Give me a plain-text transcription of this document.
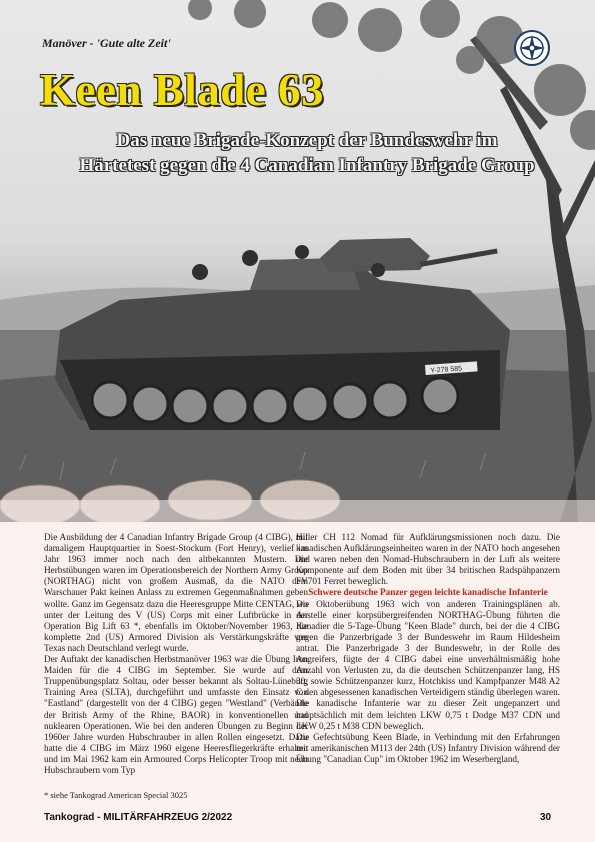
Y-278 585
Manöver - 'Gute alte Zeit'
Keen Blade 63
Das neue Brigade-Konzept der Bundeswehr im
Härtetest gegen die 4 Canadian Infantry Brigade Group

Die Ausbildung der 4 Canadian Infantry Brigade Group (4 CIBG), mit damaligem Hauptquartier in Soest-Stockum (Fort Henry), verlief im Jahr 1963 immer noch nach den altbekannten Mustern. Die Herbstübungen waren im Operationsbereich der Northern Army Group (NORTHAG) nicht von großem Ausmaß, da die NATO dem Warschauer Pakt keinen Anlass zu extremen Gegenmaßnahmen geben wollte. Ganz im Gegensatz dazu die Heeresgruppe Mitte CENTAG, wo unter der Leitung des V (US) Corps mit einer Luftbrücke in der Operation Big Lift 63 *, ebenfalls im Oktober/November 1963, die komplette 2nd (US) Armored Division als Verstärkungskräfte von Texas nach Deutschland verlegt wurde.

Der Auftakt der kanadischen Herbstmanöver 1963 war die Übung Iron Maiden für die 4 CIBG im September. Sie wurde auf dem Truppenübungsplatz Soltau, oder besser bekannt als Soltau-Lüneburg Training Area (SLTA), durchgeführt und umfasste den Einsatz von "Eastland" (dargestellt von der 4 CIBG) gegen "Westland" (Verbände der British Army of the Rhine, BAOR) in konventionellen und nuklearen Operationen. Wie bei den anderen Übungen zu Beginn der 1960er Jahre wurden Hubschrauber in allen Rollen eingesetzt. Dazu hatte die 4 CIBG im März 1960 eigene Heeresfliegerkräfte erhalten und im Mai 1962 kam ein Armoured Corps Helicopter Troop mit neun Hubschraubern vom Typ

Hiller CH 112 Nomad für Aufklärungsmissionen noch dazu. Die kanadischen Aufklärungseinheiten waren in der NATO hoch angesehen und waren neben den Nomad-Hubschraubern in der Luft als weitere Komponente auf dem Boden mit über 34 britischen Radspähpanzern FV701 Ferret beweglich.

Schwere deutsche Panzer gegen leichte kanadische Infanterie

Die Oktoberübung 1963 wich von anderen Trainingsplänen ab. Anstelle einer korpsübergreifenden NORTHAG-Übung führten die Kanadier die 5-Tage-Übung "Keen Blade" durch, bei der die 4 CIBG gegen die Panzerbrigade 3 der Bundeswehr im Raum Hildesheim antrat. Die Panzerbrigade 3 der Bundeswehr, in der Rolle des Angreifers, fügte der 4 CIBG dabei eine unverhältnismäßig hohe Anzahl von Verlusten zu, da die deutschen Schützenpanzer lang, HS 30, sowie Schützenpanzer kurz, Hotchkiss und Kampfpanzer M48 A2 C den abgesessenen kanadischen Verteidigern ständig überlegen waren. Die kanadische Infanterie war zu dieser Zeit ungepanzert und hauptsächlich mit dem leichten LKW 0,75 t Dodge M37 CDN und LKW 0,25 t M38 CDN beweglich.

Die Gefechtsübung Keen Blade, in Verbindung mit den Erfahrungen mit amerikanischen M113 der 24th (US) Infantry Division während der Übung "Canadian Cup" im Oktober 1962 im Weserbergland,

* siehe Tankograd American Special 3025
Tankograd - MILITÄRFAHRZEUG 2/2022	30
